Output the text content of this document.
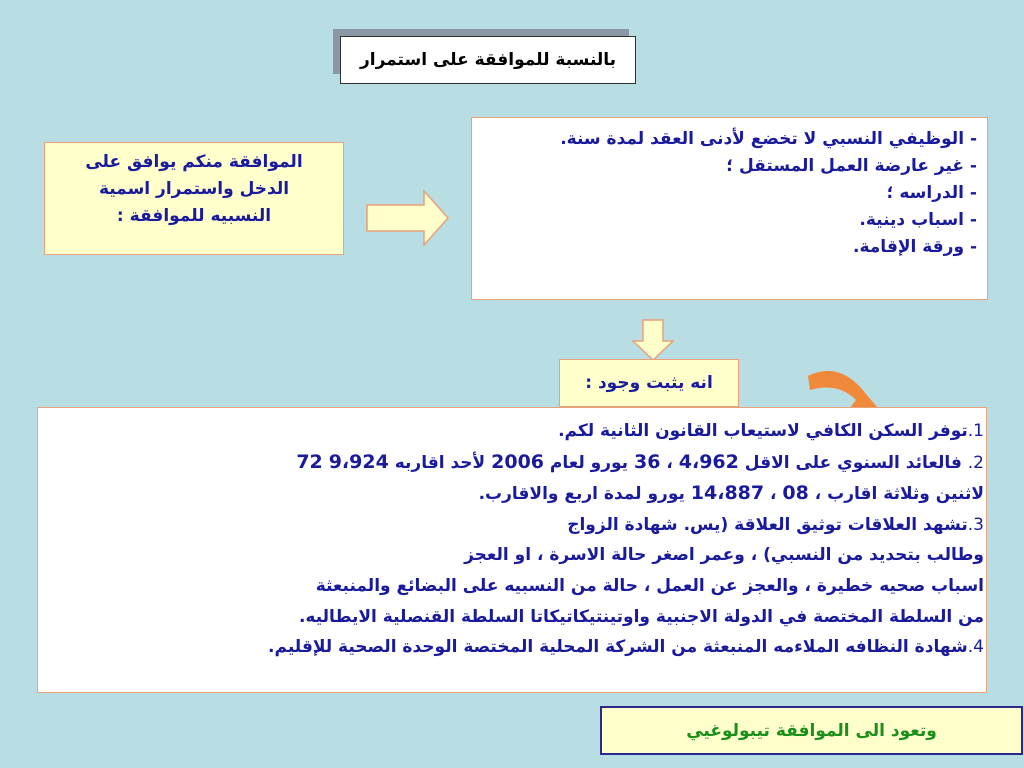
بالنسبة للموافقة على استمرار
الموافقة منكم يوافق على
الدخل واستمرار اسمية
النسبيه للموافقة :
- الوظيفي النسبي لا تخضع لأدنى العقد لمدة سنة.
- غير عارضة العمل المستقل ؛
- الدراسه ؛
- اسباب دينية.
- ورقة الإقامة.
انه يثبت وجود :
1.توفر السكن الكافي لاستيعاب القانون الثانية لكم.
2. فالعائد السنوي على الاقل 4،962 ، 36 يورو لعام 2006 لأحد اقاربه 9،924 72
لاثنين وثلاثة اقارب ، 08 ، 14،887 يورو لمدة اربع والاقارب.
3.تشهد العلاقات توثيق العلاقة (يس. شهادة الزواج
وطالب بتحديد من النسبي) ، وعمر اصغر حالة الاسرة ، او العجز
اسباب صحيه خطيرة ، والعجز عن العمل ، حالة من النسبيه على البضائع والمنبعثة
من السلطة المختصة في الدولة الاجنبية واوتينتيكاتيكاتا السلطة القنصلية الايطاليه.
4.شهادة النظافه الملاءمه المنبعثة من الشركة المحلية المختصة الوحدة الصحية للإقليم.
وتعود الى الموافقة تيبولوغيي
